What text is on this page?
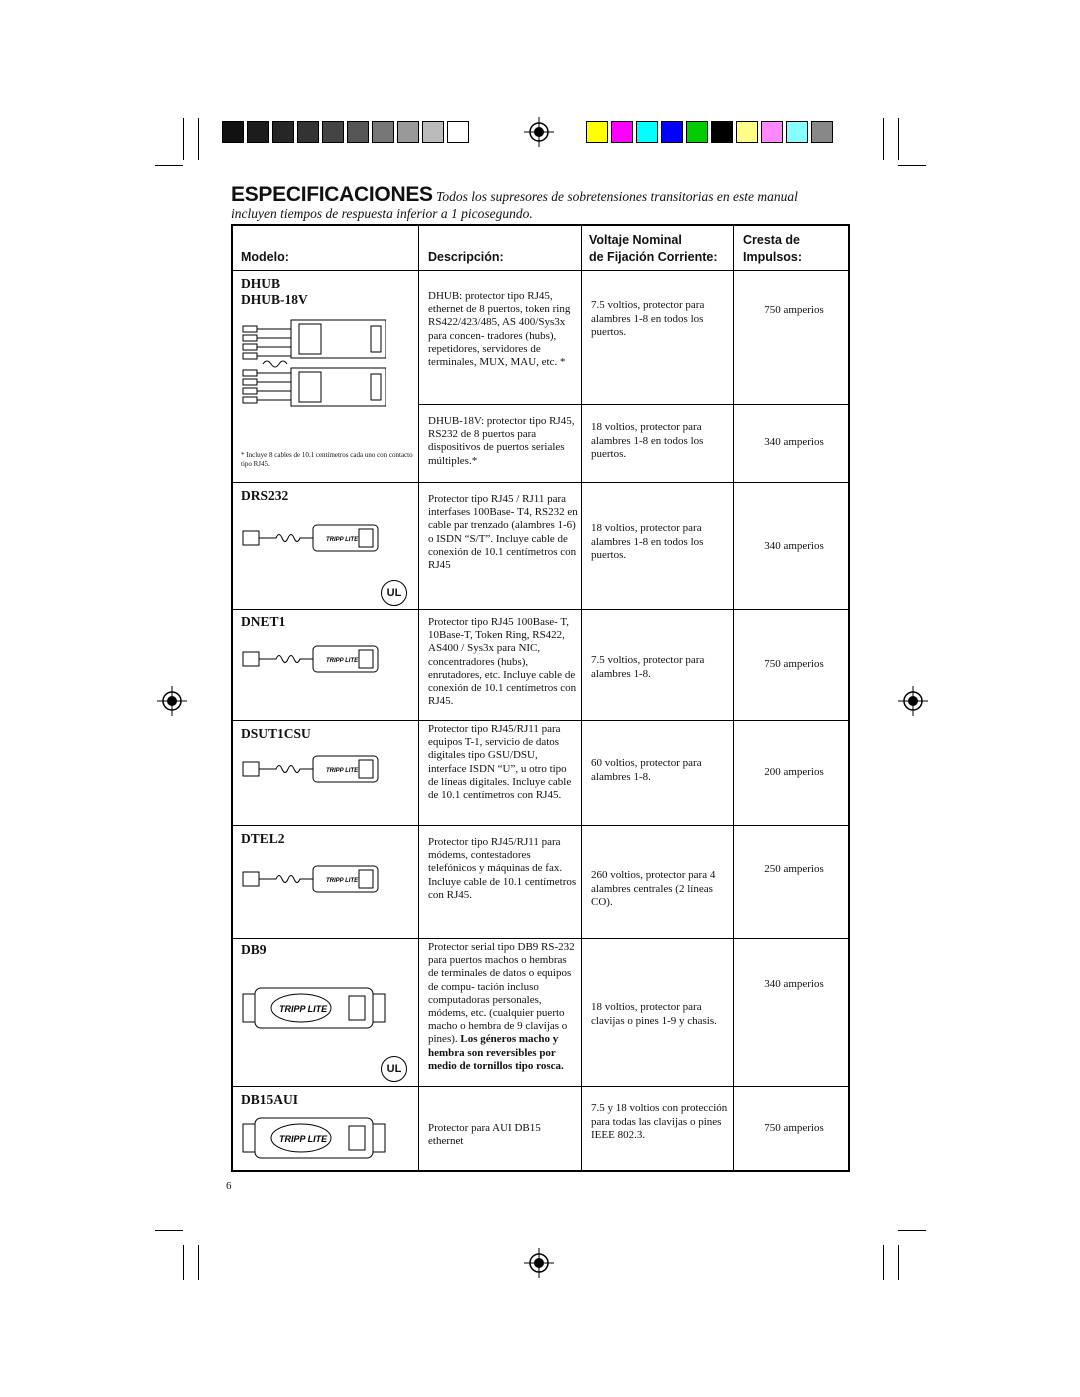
ESPECIFICACIONES Todos los supresores de sobretensiones transitorias en este manual incluyen tiempos de respuesta inferior a 1 picosegundo.
Modelo:	Descripción:
Voltaje Nominal
de Fijación Corriente:
Cresta de
Impulsos:
DHUB
DHUB-18V
* Incluye 8 cables de 10.1 centímetros cada uno con contacto tipo RJ45.
DHUB: protector tipo RJ45, ethernet de 8 puertos, token ring RS422/423/485, AS 400/Sys3x para concen- tradores (hubs), repetidores, servidores de terminales, MUX, MAU, etc. *
7.5 voltios, protector para alambres 1-8 en todos los puertos.
750 amperios
DHUB-18V: protector tipo RJ45, RS232 de 8 puertos para dispositivos de puertos seriales múltiples.*
18 voltios, protector para alambres 1-8 en todos los puertos.
340 amperios
DRS232
TRIPP LITE
UL
Protector tipo RJ45 / RJ11 para interfases 100Base- T4, RS232 en cable par trenzado (alambres 1-6) o ISDN “S/T”. Incluye cable de conexión de 10.1 centímetros con RJ45
18 voltios, protector para alambres 1-8 en todos los puertos.
340 amperios
DNET1
TRIPP LITE
Protector tipo RJ45 100Base- T, 10Base-T, Token Ring, RS422, AS400 / Sys3x para NIC, concentradores (hubs), enrutadores, etc. Incluye cable de conexión de 10.1 centímetros con RJ45.
7.5 voltios, protector para alambres 1-8.
750 amperios
DSUT1CSU
TRIPP LITE
Protector tipo RJ45/RJ11 para equipos T-1, servicio de datos digitales tipo GSU/DSU, interface ISDN “U”, u otro tipo de líneas digitales. Incluye cable de 10.1 centímetros con RJ45.
60 voltios, protector para alambres 1-8.	200 amperios
DTEL2
TRIPP LITE
Protector tipo RJ45/RJ11 para módems, contestadores telefónicos y máquinas de fax. Incluye cable de 10.1 centímetros con RJ45.
260 voltios, protector para 4 alambres centrales (2 líneas CO).
250 amperios
DB9
TRIPP LITE
UL
Protector serial tipo DB9 RS-232 para puertos machos o hembras de terminales de datos o equipos de compu- tación incluso computadoras personales, módems, etc. (cualquier puerto macho o hembra de 9 clavijas o pines). Los géneros macho y hembra son reversibles por medio de tornillos tipo rosca.
18 voltios, protector para clavijas o pines 1-9 y chasis.
340 amperios
DB15AUI
TRIPP LITE
Protector para AUI DB15 ethernet
7.5 y 18 voltios con protección para todas las clavijas o pines IEEE 802.3.
750 amperios
6
